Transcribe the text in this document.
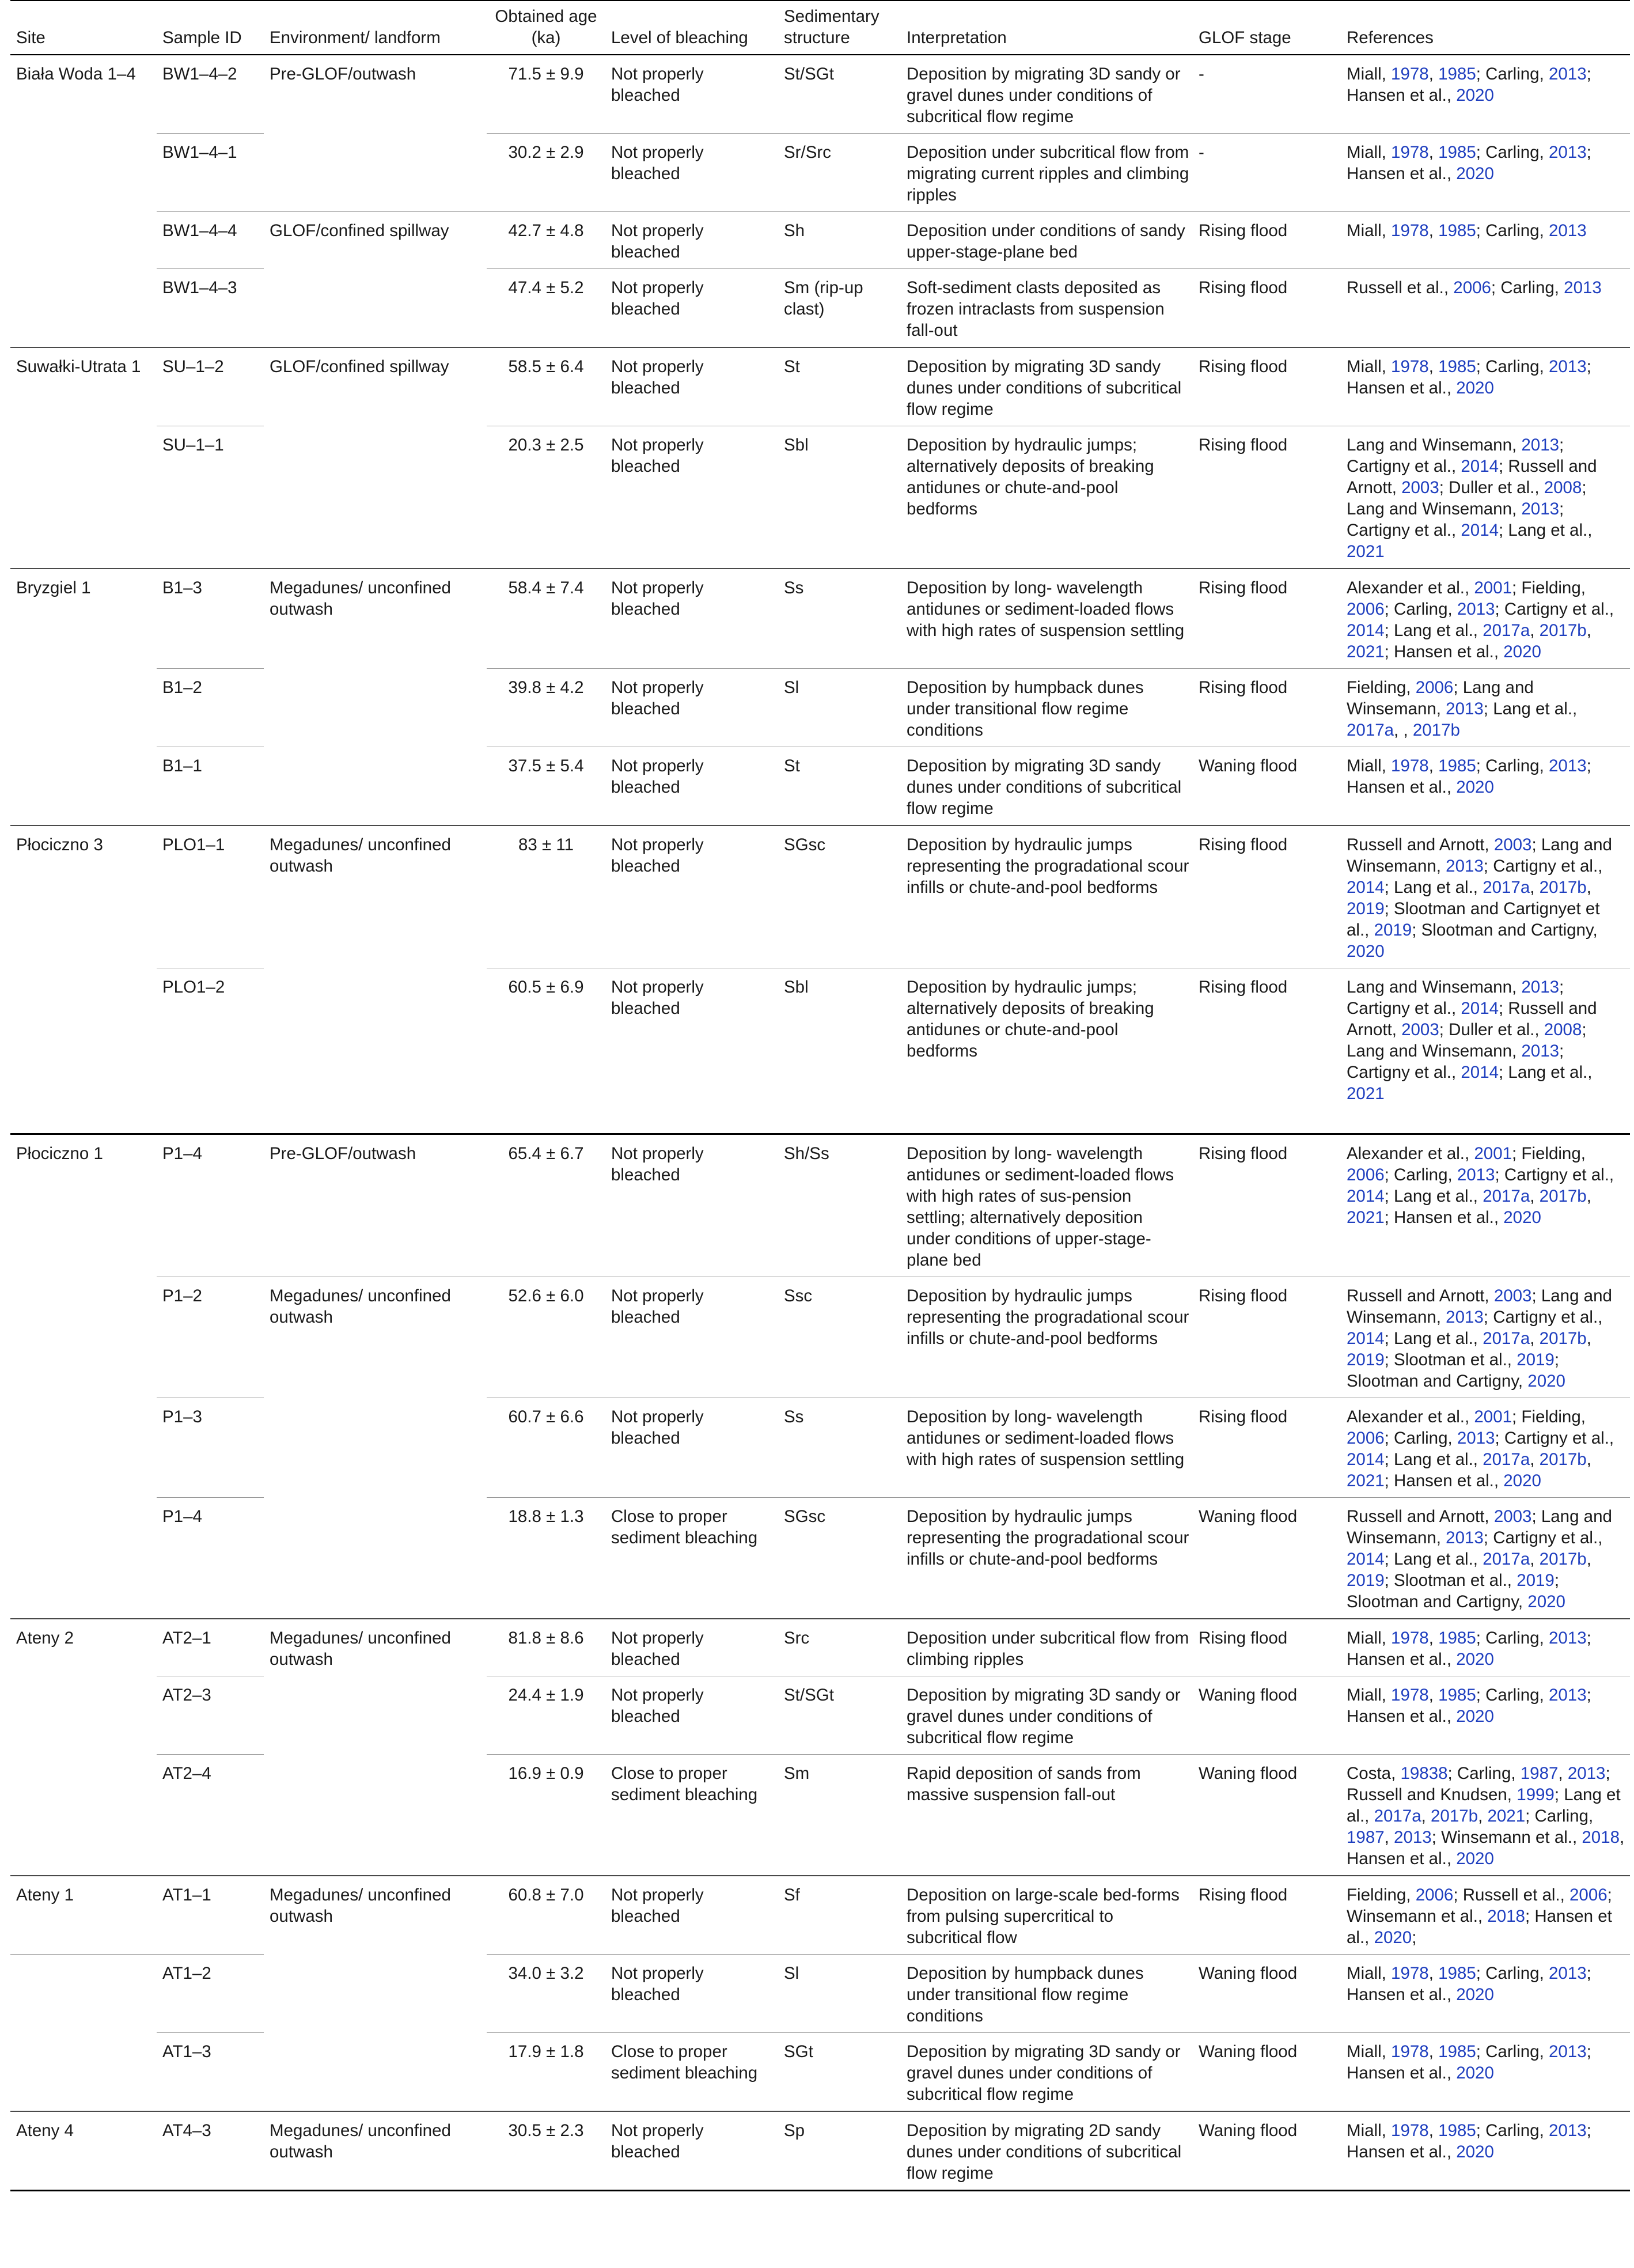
Site	Sample ID	Environment/ landform	Obtained age (ka)	Level of bleaching	Sedimentary structure	Interpretation	GLOF stage	References
Biała Woda 1–4	BW1–4–2	Pre-GLOF/outwash	71.5 ± 9.9	Not properly bleached	St/SGt	Deposition by migrating 3D sandy or gravel dunes under conditions of subcritical flow regime	-	Miall, 1978, 1985; Carling, 2013; Hansen et al., 2020
	BW1–4–1		30.2 ± 2.9	Not properly bleached	Sr/Src	Deposition under subcritical flow from migrating current ripples and climbing ripples	-	Miall, 1978, 1985; Carling, 2013; Hansen et al., 2020
	BW1–4–4	GLOF/confined spillway	42.7 ± 4.8	Not properly bleached	Sh	Deposition under conditions of sandy upper-stage-plane bed	Rising flood	Miall, 1978, 1985; Carling, 2013
	BW1–4–3		47.4 ± 5.2	Not properly bleached	Sm (rip-up clast)	Soft-sediment clasts deposited as frozen intraclasts from suspension fall-out	Rising flood	Russell et al., 2006; Carling, 2013
Suwałki-Utrata 1	SU–1–2	GLOF/confined spillway	58.5 ± 6.4	Not properly bleached	St	Deposition by migrating 3D sandy dunes under conditions of subcritical flow regime	Rising flood	Miall, 1978, 1985; Carling, 2013; Hansen et al., 2020
	SU–1–1		20.3 ± 2.5	Not properly bleached	Sbl	Deposition by hydraulic jumps; alternatively deposits of breaking antidunes or chute-and-pool bedforms	Rising flood	Lang and Winsemann, 2013; Cartigny et al., 2014; Russell and Arnott, 2003; Duller et al., 2008; Lang and Winsemann, 2013; Cartigny et al., 2014; Lang et al., 2021
Bryzgiel 1	B1–3	Megadunes/ unconfined outwash	58.4 ± 7.4	Not properly bleached	Ss	Deposition by long- wavelength antidunes or sediment-loaded flows with high rates of suspension settling	Rising flood	Alexander et al., 2001; Fielding, 2006; Carling, 2013; Cartigny et al., 2014; Lang et al., 2017a, 2017b, 2021; Hansen et al., 2020
	B1–2		39.8 ± 4.2	Not properly bleached	Sl	Deposition by humpback dunes under transitional flow regime conditions	Rising flood	Fielding, 2006; Lang and Winsemann, 2013; Lang et al., 2017a, , 2017b
	B1–1		37.5 ± 5.4	Not properly bleached	St	Deposition by migrating 3D sandy dunes under conditions of subcritical flow regime	Waning flood	Miall, 1978, 1985; Carling, 2013; Hansen et al., 2020
Płociczno 3	PLO1–1	Megadunes/ unconfined outwash	83 ± 11	Not properly bleached	SGsc	Deposition by hydraulic jumps representing the progradational scour infills or chute-and-pool bedforms	Rising flood	Russell and Arnott, 2003; Lang and Winsemann, 2013; Cartigny et al., 2014; Lang et al., 2017a, 2017b, 2019; Slootman and Cartignyet et al., 2019; Slootman and Cartigny, 2020
	PLO1–2		60.5 ± 6.9	Not properly bleached	Sbl	Deposition by hydraulic jumps; alternatively deposits of breaking antidunes or chute-and-pool bedforms	Rising flood	Lang and Winsemann, 2013; Cartigny et al., 2014; Russell and Arnott, 2003; Duller et al., 2008; Lang and Winsemann, 2013; Cartigny et al., 2014; Lang et al., 2021

Płociczno 1	P1–4	Pre-GLOF/outwash	65.4 ± 6.7	Not properly bleached	Sh/Ss	Deposition by long- wavelength antidunes or sediment-loaded flows with high rates of sus-pension settling; alternatively deposition under conditions of upper-stage-plane bed	Rising flood	Alexander et al., 2001; Fielding, 2006; Carling, 2013; Cartigny et al., 2014; Lang et al., 2017a, 2017b, 2021; Hansen et al., 2020
	P1–2	Megadunes/ unconfined outwash	52.6 ± 6.0	Not properly bleached	Ssc	Deposition by hydraulic jumps representing the progradational scour infills or chute-and-pool bedforms	Rising flood	Russell and Arnott, 2003; Lang and Winsemann, 2013; Cartigny et al., 2014; Lang et al., 2017a, 2017b, 2019; Slootman et al., 2019; Slootman and Cartigny, 2020
	P1–3		60.7 ± 6.6	Not properly bleached	Ss	Deposition by long- wavelength antidunes or sediment-loaded flows with high rates of suspension settling	Rising flood	Alexander et al., 2001; Fielding, 2006; Carling, 2013; Cartigny et al., 2014; Lang et al., 2017a, 2017b, 2021; Hansen et al., 2020
	P1–4		18.8 ± 1.3	Close to proper sediment bleaching	SGsc	Deposition by hydraulic jumps representing the progradational scour infills or chute-and-pool bedforms	Waning flood	Russell and Arnott, 2003; Lang and Winsemann, 2013; Cartigny et al., 2014; Lang et al., 2017a, 2017b, 2019; Slootman et al., 2019; Slootman and Cartigny, 2020
Ateny 2	AT2–1	Megadunes/ unconfined outwash	81.8 ± 8.6	Not properly bleached	Src	Deposition under subcritical flow from climbing ripples	Rising flood	Miall, 1978, 1985; Carling, 2013; Hansen et al., 2020
	AT2–3		24.4 ± 1.9	Not properly bleached	St/SGt	Deposition by migrating 3D sandy or gravel dunes under conditions of subcritical flow regime	Waning flood	Miall, 1978, 1985; Carling, 2013; Hansen et al., 2020
	AT2–4		16.9 ± 0.9	Close to proper sediment bleaching	Sm	Rapid deposition of sands from massive suspension fall-out	Waning flood	Costa, 19838; Carling, 1987, 2013; Russell and Knudsen, 1999; Lang et al., 2017a, 2017b, 2021; Carling, 1987, 2013; Winsemann et al., 2018, Hansen et al., 2020
Ateny 1	AT1–1	Megadunes/ unconfined outwash	60.8 ± 7.0	Not properly bleached	Sf	Deposition on large-scale bed-forms from pulsing supercritical to subcritical flow	Rising flood	Fielding, 2006; Russell et al., 2006; Winsemann et al., 2018; Hansen et al., 2020;
	AT1–2		34.0 ± 3.2	Not properly bleached	Sl	Deposition by humpback dunes under transitional flow regime conditions	Waning flood	Miall, 1978, 1985; Carling, 2013; Hansen et al., 2020
	AT1–3		17.9 ± 1.8	Close to proper sediment bleaching	SGt	Deposition by migrating 3D sandy or gravel dunes under conditions of subcritical flow regime	Waning flood	Miall, 1978, 1985; Carling, 2013; Hansen et al., 2020
Ateny 4	AT4–3	Megadunes/ unconfined outwash	30.5 ± 2.3	Not properly bleached	Sp	Deposition by migrating 2D sandy dunes under conditions of subcritical flow regime	Waning flood	Miall, 1978, 1985; Carling, 2013; Hansen et al., 2020
